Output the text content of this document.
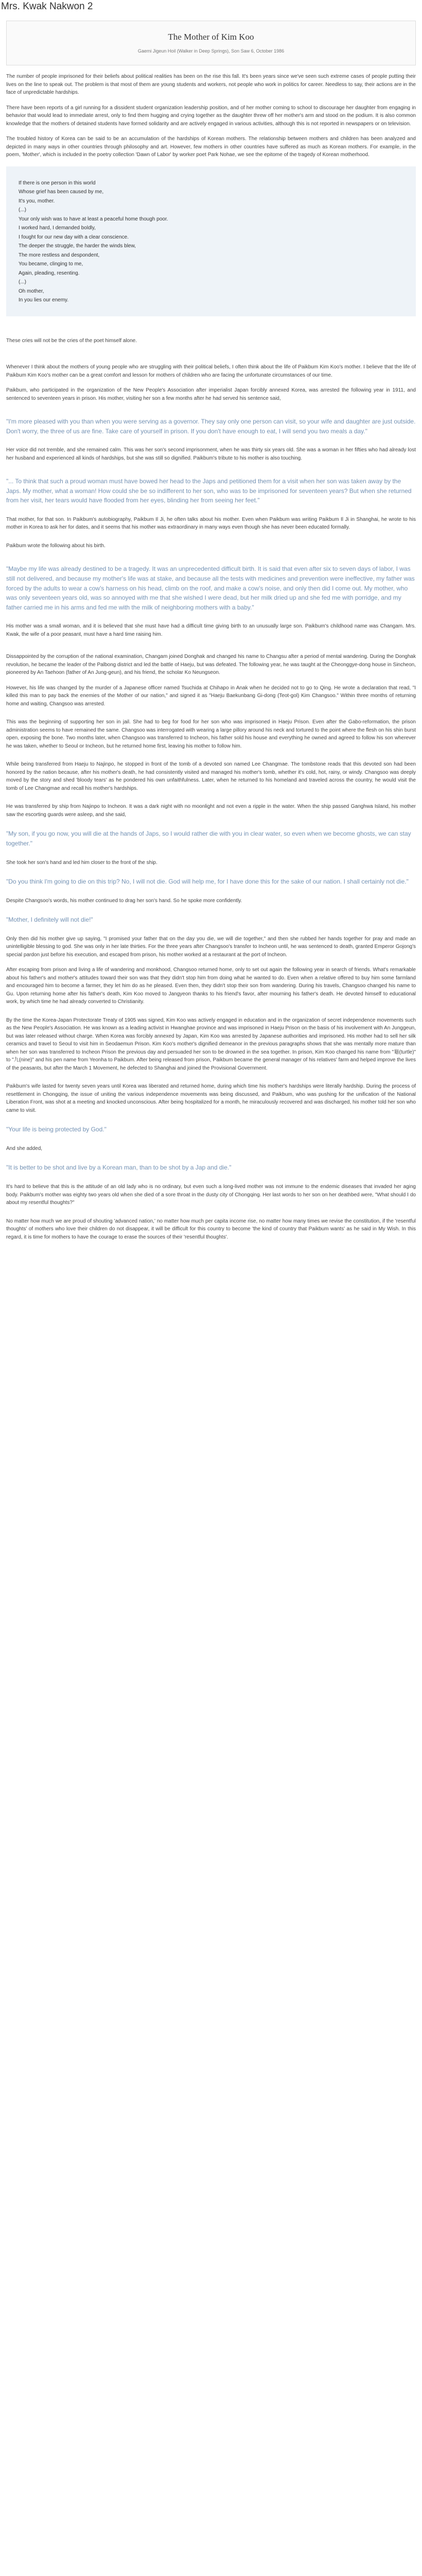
Mrs. Kwak Nakwon 2
The Mother of Kim Koo
Gaemi Jigeun Hoil (Walker in Deep Springs), Son Saw 6, October 1986

The number of people imprisoned for their beliefs about political realities has been on the rise this fall. It's been years since we've seen such extreme cases of people putting their lives on the line to speak out. The problem is that most of them are young students and workers, not people who work in politics for career. Needless to say, their actions are in the face of unpredictable hardships.

There have been reports of a girl running for a dissident student organization leadership position, and of her mother coming to school to discourage her daughter from engaging in behavior that would lead to immediate arrest, only to find them hugging and crying together as the daughter threw off her mother's arm and stood on the podium. It is also common knowledge that the mothers of detained students have formed solidarity and are actively engaged in various activities, although this is not reported in newspapers or on television.

The troubled history of Korea can be said to be an accumulation of the hardships of Korean mothers. The relationship between mothers and children has been analyzed and depicted in many ways in other countries through philosophy and art. However, few mothers in other countries have suffered as much as Korean mothers. For example, in the poem, 'Mother', which is included in the poetry collection 'Dawn of Labor' by worker poet Park Nohae, we see the epitome of the tragedy of Korean motherhood.

If there is one person in this world
Whose grief has been caused by me,
It's you, mother.
(...)
Your only wish was to have at least a peaceful home though poor.
I worked hard, I demanded boldly,
I fought for our new day with a clear conscience.
The deeper the struggle, the harder the winds blew,
The more restless and despondent,
You became, clinging to me,
Again, pleading, resenting.
(...)
Oh mother,
In you lies our enemy.

These cries will not be the cries of the poet himself alone.

Whenever I think about the mothers of young people who are struggling with their political beliefs, I often think about the life of Paikbum Kim Koo's mother. I believe that the life of Paikbum Kim Koo's mother can be a great comfort and lesson for mothers of children who are facing the unfortunate circumstances of our time.

Paikbum, who participated in the organization of the New People's Association after imperialist Japan forcibly annexed Korea, was arrested the following year in 1911, and sentenced to seventeen years in prison. His mother, visiting her son a few months after he had served his sentence said,

"I'm more pleased with you than when you were serving as a governor. They say only one person can visit, so your wife and daughter are just outside. Don't worry, the three of us are fine. Take care of yourself in prison. If you don't have enough to eat, I will send you two meals a day."

Her voice did not tremble, and she remained calm. This was her son's second imprisonment, when he was thirty six years old. She was a woman in her fifties who had already lost her husband and experienced all kinds of hardships, but she was still so dignified. Paikbum's tribute to his mother is also touching.

"... To think that such a proud woman must have bowed her head to the Japs and petitioned them for a visit when her son was taken away by the Japs. My mother, what a woman! How could she be so indifferent to her son, who was to be imprisoned for seventeen years? But when she returned from her visit, her tears would have flooded from her eyes, blinding her from seeing her feet."

That mother, for that son. In Paikbum's autobiography, Paikbum Il Ji, he often talks about his mother. Even when Paikbum was writing Paikbum Il Ji in Shanghai, he wrote to his mother in Korea to ask her for dates, and it seems that his mother was extraordinary in many ways even though she has never been educated formally.

Paikbum wrote the following about his birth.

"Maybe my life was already destined to be a tragedy. It was an unprecedented difficult birth. It is said that even after six to seven days of labor, I was still not delivered, and because my mother's life was at stake, and because all the tests with medicines and prevention were ineffective, my father was forced by the adults to wear a cow's harness on his head, climb on the roof, and make a cow's noise, and only then did I come out. My mother, who was only seventeen years old, was so annoyed with me that she wished I were dead, but her milk dried up and she fed me with porridge, and my father carried me in his arms and fed me with the milk of neighboring mothers with a baby."

His mother was a small woman, and it is believed that she must have had a difficult time giving birth to an unusually large son. Paikbum's childhood name was Changam. Mrs. Kwak, the wife of a poor peasant, must have a hard time raising him.

Dissappointed by the corruption of the national examination, Changam joined Donghak and changed his name to Changsu after a period of mental wandering. During the Donghak revolution, he became the leader of the Palbong district and led the battle of Haeju, but was defeated. The following year, he was taught at the Cheonggye-dong house in Sincheon, pioneered by An Taehoon (father of An Jung-geun), and his friend, the scholar Ko Neungseon.

However, his life was changed by the murder of a Japanese officer named Tsuchida at Chihapo in Anak when he decided not to go to Qing. He wrote a declaration that read, "I killed this man to pay back the enemies of the Mother of our nation," and signed it as "Haeju Baekunbang Gi-dong (Teot-gol) Kim Changsoo." Within three months of returning home and waiting, Changsoo was arrested.

This was the beginning of supporting her son in jail. She had to beg for food for her son who was imprisoned in Haeju Prison. Even after the Gabo-reformation, the prison administration seems to have remained the same. Changsoo was interrogated with wearing a large pillory around his neck and tortured to the point where the flesh on his shin burst open, exposing the bone. Two months later, when Changsoo was transferred to Incheon, his father sold his house and everything he owned and agreed to follow his son wherever he was taken, whether to Seoul or Incheon, but he returned home first, leaving his mother to follow him.

While being transferred from Haeju to Najinpo, he stopped in front of the tomb of a devoted son named Lee Changmae. The tombstone reads that this devoted son had been honored by the nation because, after his mother's death, he had consistently visited and managed his mother's tomb, whether it's cold, hot, rainy, or windy. Changsoo was deeply moved by the story and shed 'bloody tears' as he pondered his own unfaithfulness. Later, when he returned to his homeland and traveled across the country, he would visit the tomb of Lee Changmae and recall his mother's hardships.

He was transferred by ship from Najinpo to Incheon. It was a dark night with no moonlight and not even a ripple in the water. When the ship passed Ganghwa Island, his mother saw the escorting guards were asleep, and she said,

"My son, if you go now, you will die at the hands of Japs, so I would rather die with you in clear water, so even when we become ghosts, we can stay together."

She took her son's hand and led him closer to the front of the ship.

"Do you think I'm going to die on this trip? No, I will not die. God will help me, for I have done this for the sake of our nation. I shall certainly not die."

Despite Changsoo's words, his mother continued to drag her son's hand. So he spoke more confidently.

"Mother, I definitely will not die!"

Only then did his mother give up saying, "I promised your father that on the day you die, we will die together," and then she rubbed her hands together for pray and made an unintelligible blessing to god. She was only in her late thirties. For the three years after Changsoo's transfer to Incheon until, he was sentenced to death, granted Emperor Gojong's special pardon just before his execution, and escaped from prison, his mother worked at a restaurant at the port of Incheon.

After escaping from prison and living a life of wandering and monkhood, Changsoo returned home, only to set out again the following year in search of friends. What's remarkable about his father's and mother's attitudes toward their son was that they didn't stop him from doing what he wanted to do. Even when a relative offered to buy him some farmland and encouraged him to become a farmer, they let him do as he pleased. Even then, they didn't stop their son from wandering. During his travels, Changsoo changed his name to Gu. Upon returning home after his father's death, Kim Koo moved to Jangyeon thanks to his friend's favor, after mourning his father's death. He devoted himself to educational work, by which time he had already converted to Christianity.

By the time the Korea-Japan Protectorate Treaty of 1905 was signed, Kim Koo was actively engaged in education and in the organization of secret independence movements such as the New People's Association. He was known as a leading activist in Hwanghae province and was imprisoned in Haeju Prison on the basis of his involvement with An Junggeun, but was later released without charge. When Korea was forcibly annexed by Japan, Kim Koo was arrested by Japanese authorities and imprisoned. His mother had to sell her silk ceramics and travel to Seoul to visit him in Seodaemun Prison. Kim Koo's mother's dignified demeanor in the previous paragraphs shows that she was mentally more mature than when her son was transferred to Incheon Prison the previous day and persuaded her son to be drowned in the sea together. In prison, Kim Koo changed his name from "龜(turtle)" to "九(nine)" and his pen name from Yeonha to Paikbum. After being released from prison, Paikbum became the general manager of his relatives' farm and helped improve the lives of the peasants, but after the March 1 Movement, he defected to Shanghai and joined the Provisional Government.

Paikbum's wife lasted for twenty seven years until Korea was liberated and returned home, during which time his mother's hardships were literally hardship. During the process of resettlement in Chongqing, the issue of uniting the various independence movements was being discussed, and Paikbum, who was pushing for the unification of the National Liberation Front, was shot at a meeting and knocked unconscious. After being hospitalized for a month, he miraculously recovered and was discharged, his mother told her son who came to visit.

"Your life is being protected by God."

And she added,

"It is better to be shot and live by a Korean man, than to be shot by a Jap and die."

It's hard to believe that this is the attitude of an old lady who is no ordinary, but even such a long-lived mother was not immune to the endemic diseases that invaded her aging body. Paikbum's mother was eighty two years old when she died of a sore throat in the dusty city of Chongqing. Her last words to her son on her deathbed were, "What should I do about my resentful thoughts?"

No matter how much we are proud of shouting 'advanced nation,' no matter how much per capita income rise, no matter how many times we revise the constitution, if the 'resentful thoughts' of mothers who love their children do not disappear, it will be difficult for this country to become 'the kind of country that Paikbum wants' as he said in My Wish. In this regard, it is time for mothers to have the courage to erase the sources of their 'resentful thoughts'.
